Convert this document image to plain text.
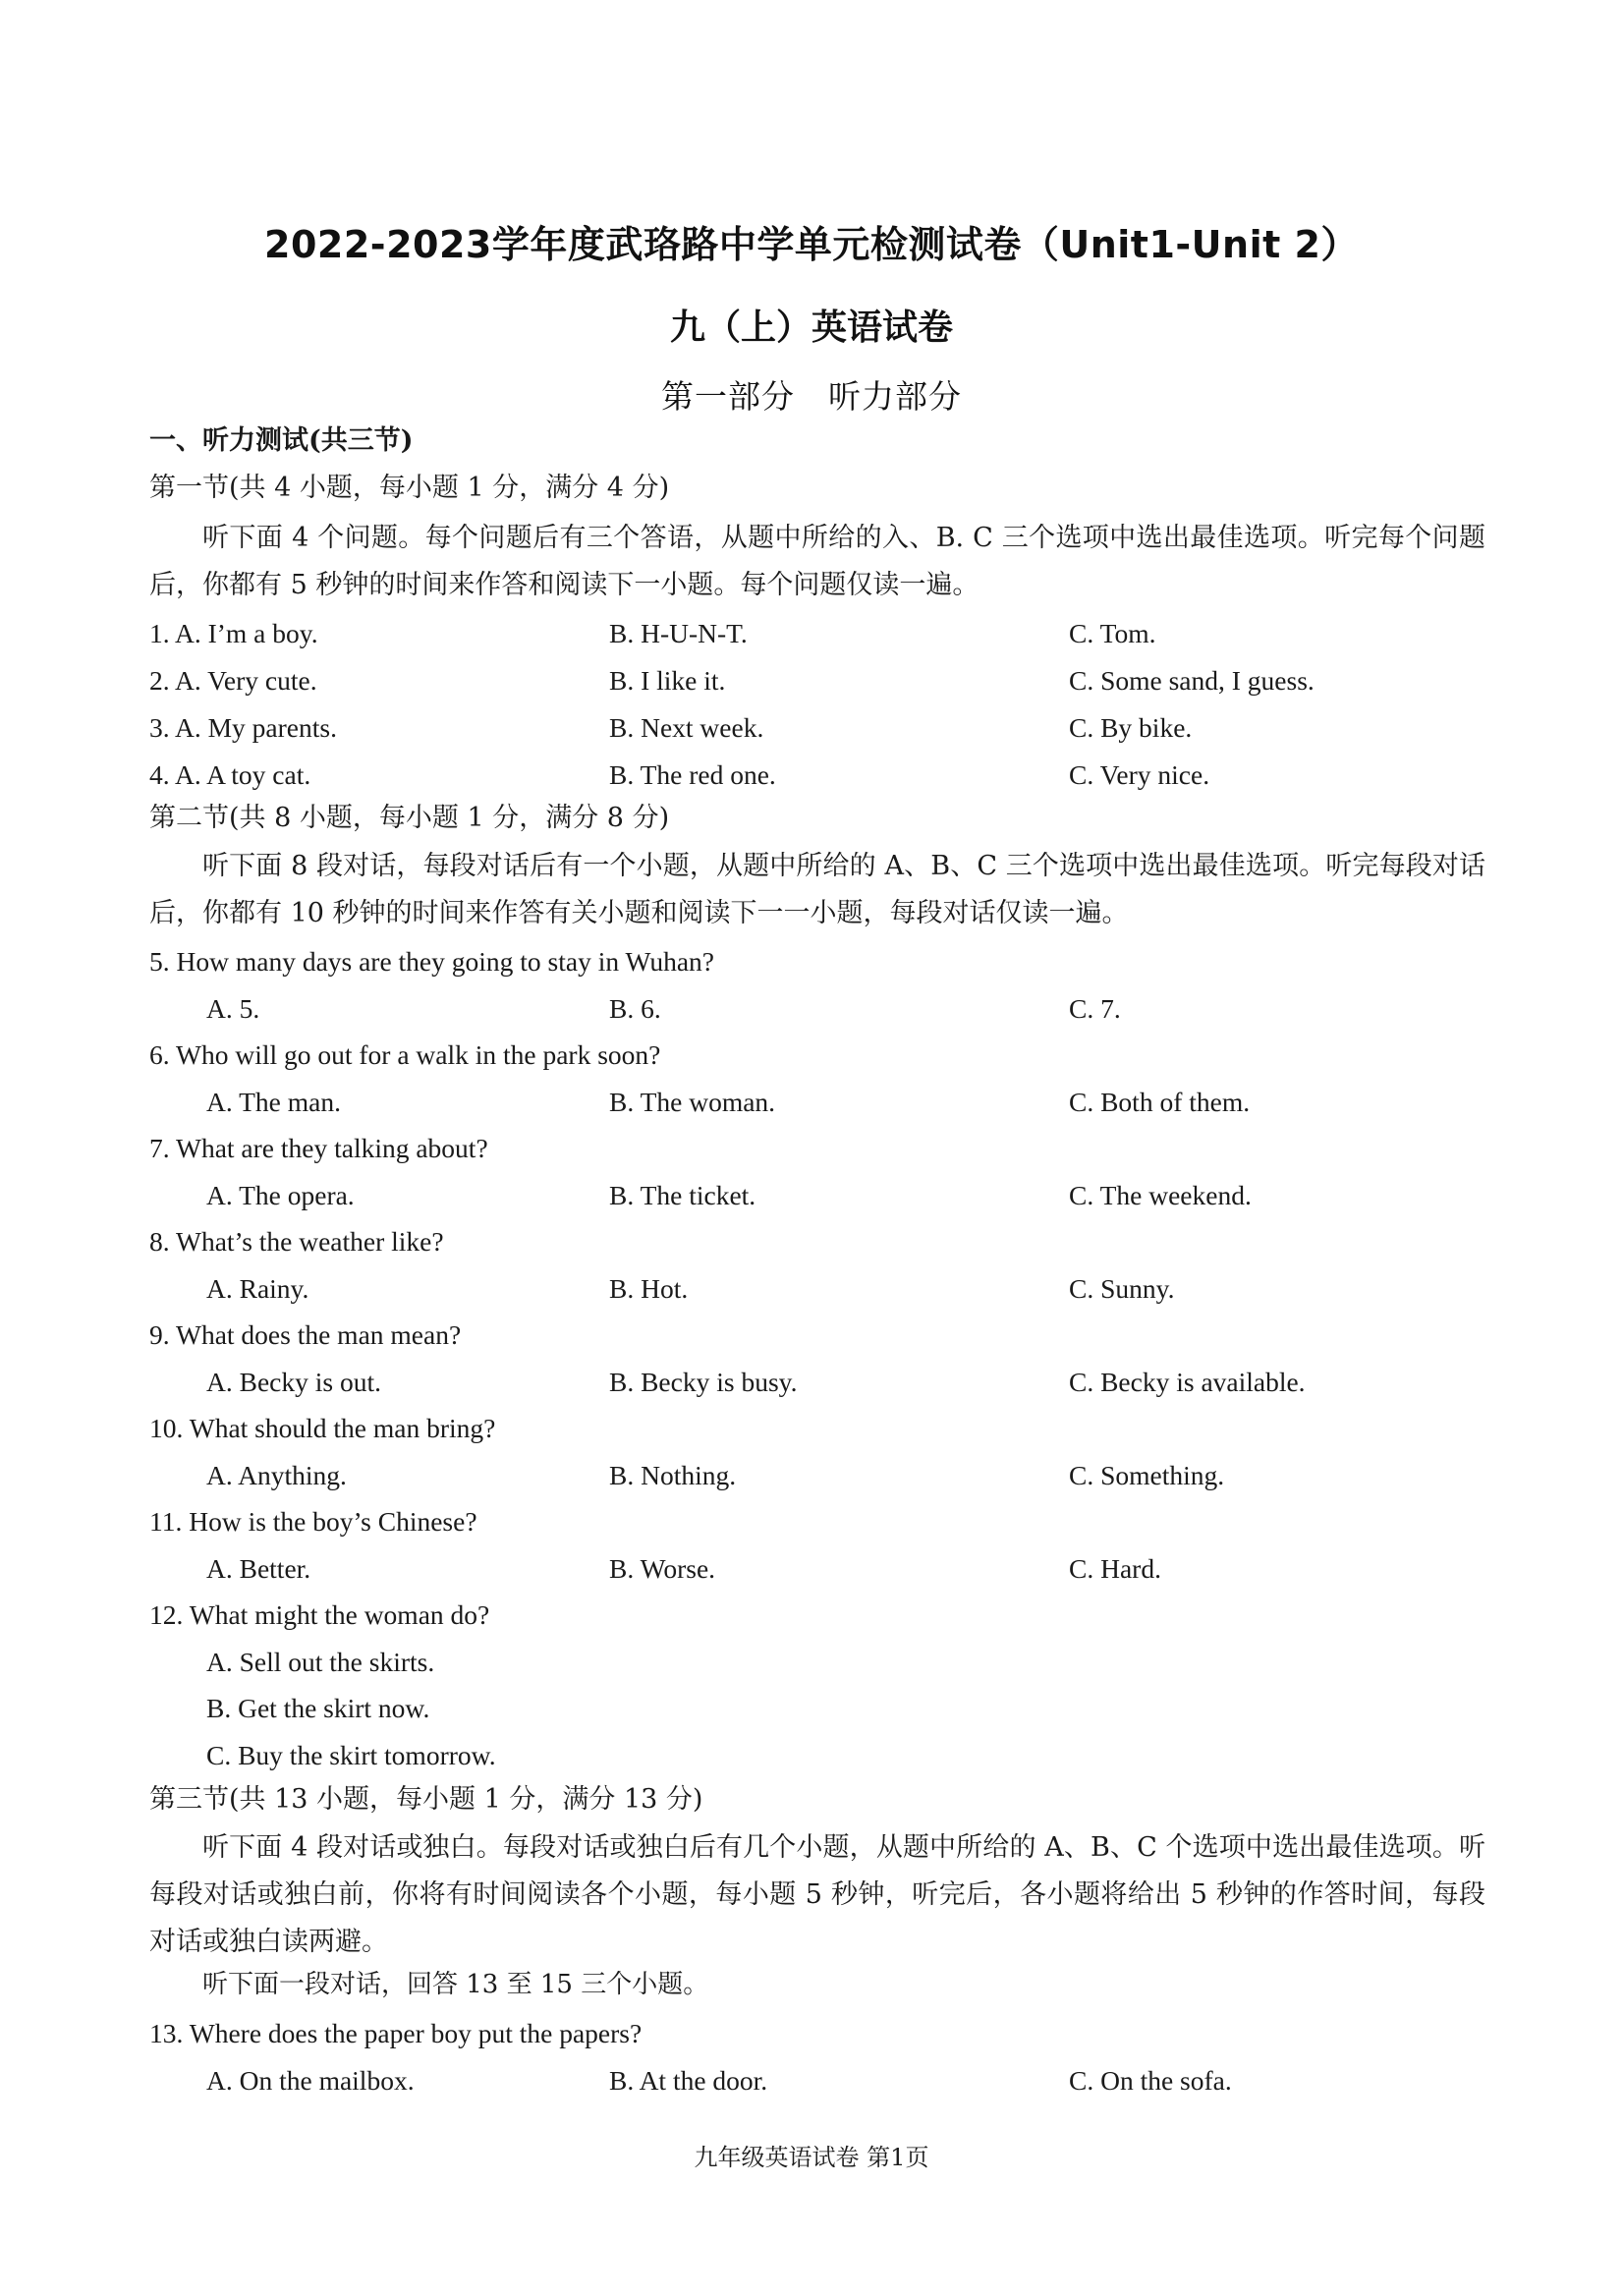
2022-2023学年度武珞路中学单元检测试卷（Unit1-Unit 2）
九（上）英语试卷
第一部分　听力部分
一、听力测试(共三节)
第一节(共 4 小题，每小题 1 分，满分 4 分)
听下面 4 个问题。每个问题后有三个答语，从题中所给的入、B. C 三个选项中选出最佳选项。听完每个问题后，你都有 5 秒钟的时间来作答和阅读下一小题。每个问题仅读一遍。
1. A. I’m a boy.	B. H-U-N-T.	C. Tom.
2. A. Very cute.	B. I like it.	C. Some sand, I guess.
3. A. My parents.	B. Next week.	C. By bike.
4. A. A toy cat.	B. The red one.	C. Very nice.
第二节(共 8 小题，每小题 1 分，满分 8 分)
听下面 8 段对话，每段对话后有一个小题，从题中所给的 A、B、C 三个选项中选出最佳选项。听完每段对话后，你都有 10 秒钟的时间来作答有关小题和阅读下一一小题，每段对话仅读一遍。
5. How many days are they going to stay in Wuhan?
A. 5.	B. 6.	C. 7.
6. Who will go out for a walk in the park soon?
A. The man.	B. The woman.	C. Both of them.
7. What are they talking about?
A. The opera.	B. The ticket.	C. The weekend.
8. What’s the weather like?
A. Rainy.	B. Hot.	C. Sunny.
9. What does the man mean?
A. Becky is out.	B. Becky is busy.	C. Becky is available.
10. What should the man bring?
A. Anything.	B. Nothing.	C. Something.
11. How is the boy’s Chinese?
A. Better.	B. Worse.	C. Hard.
12. What might the woman do?
A. Sell out the skirts.
B. Get the skirt now.
C. Buy the skirt tomorrow.
第三节(共 13 小题，每小题 1 分，满分 13 分)
听下面 4 段对话或独白。每段对话或独白后有几个小题，从题中所给的 A、B、C 个选项中选出最佳选项。听每段对话或独白前，你将有时间阅读各个小题，每小题 5 秒钟，听完后，各小题将给出 5 秒钟的作答时间，每段对话或独白读两避。
听下面一段对话，回答 13 至 15 三个小题。
13. Where does the paper boy put the papers?
A. On the mailbox.	B. At the door.	C. On the sofa.
九年级英语试卷 第1页
